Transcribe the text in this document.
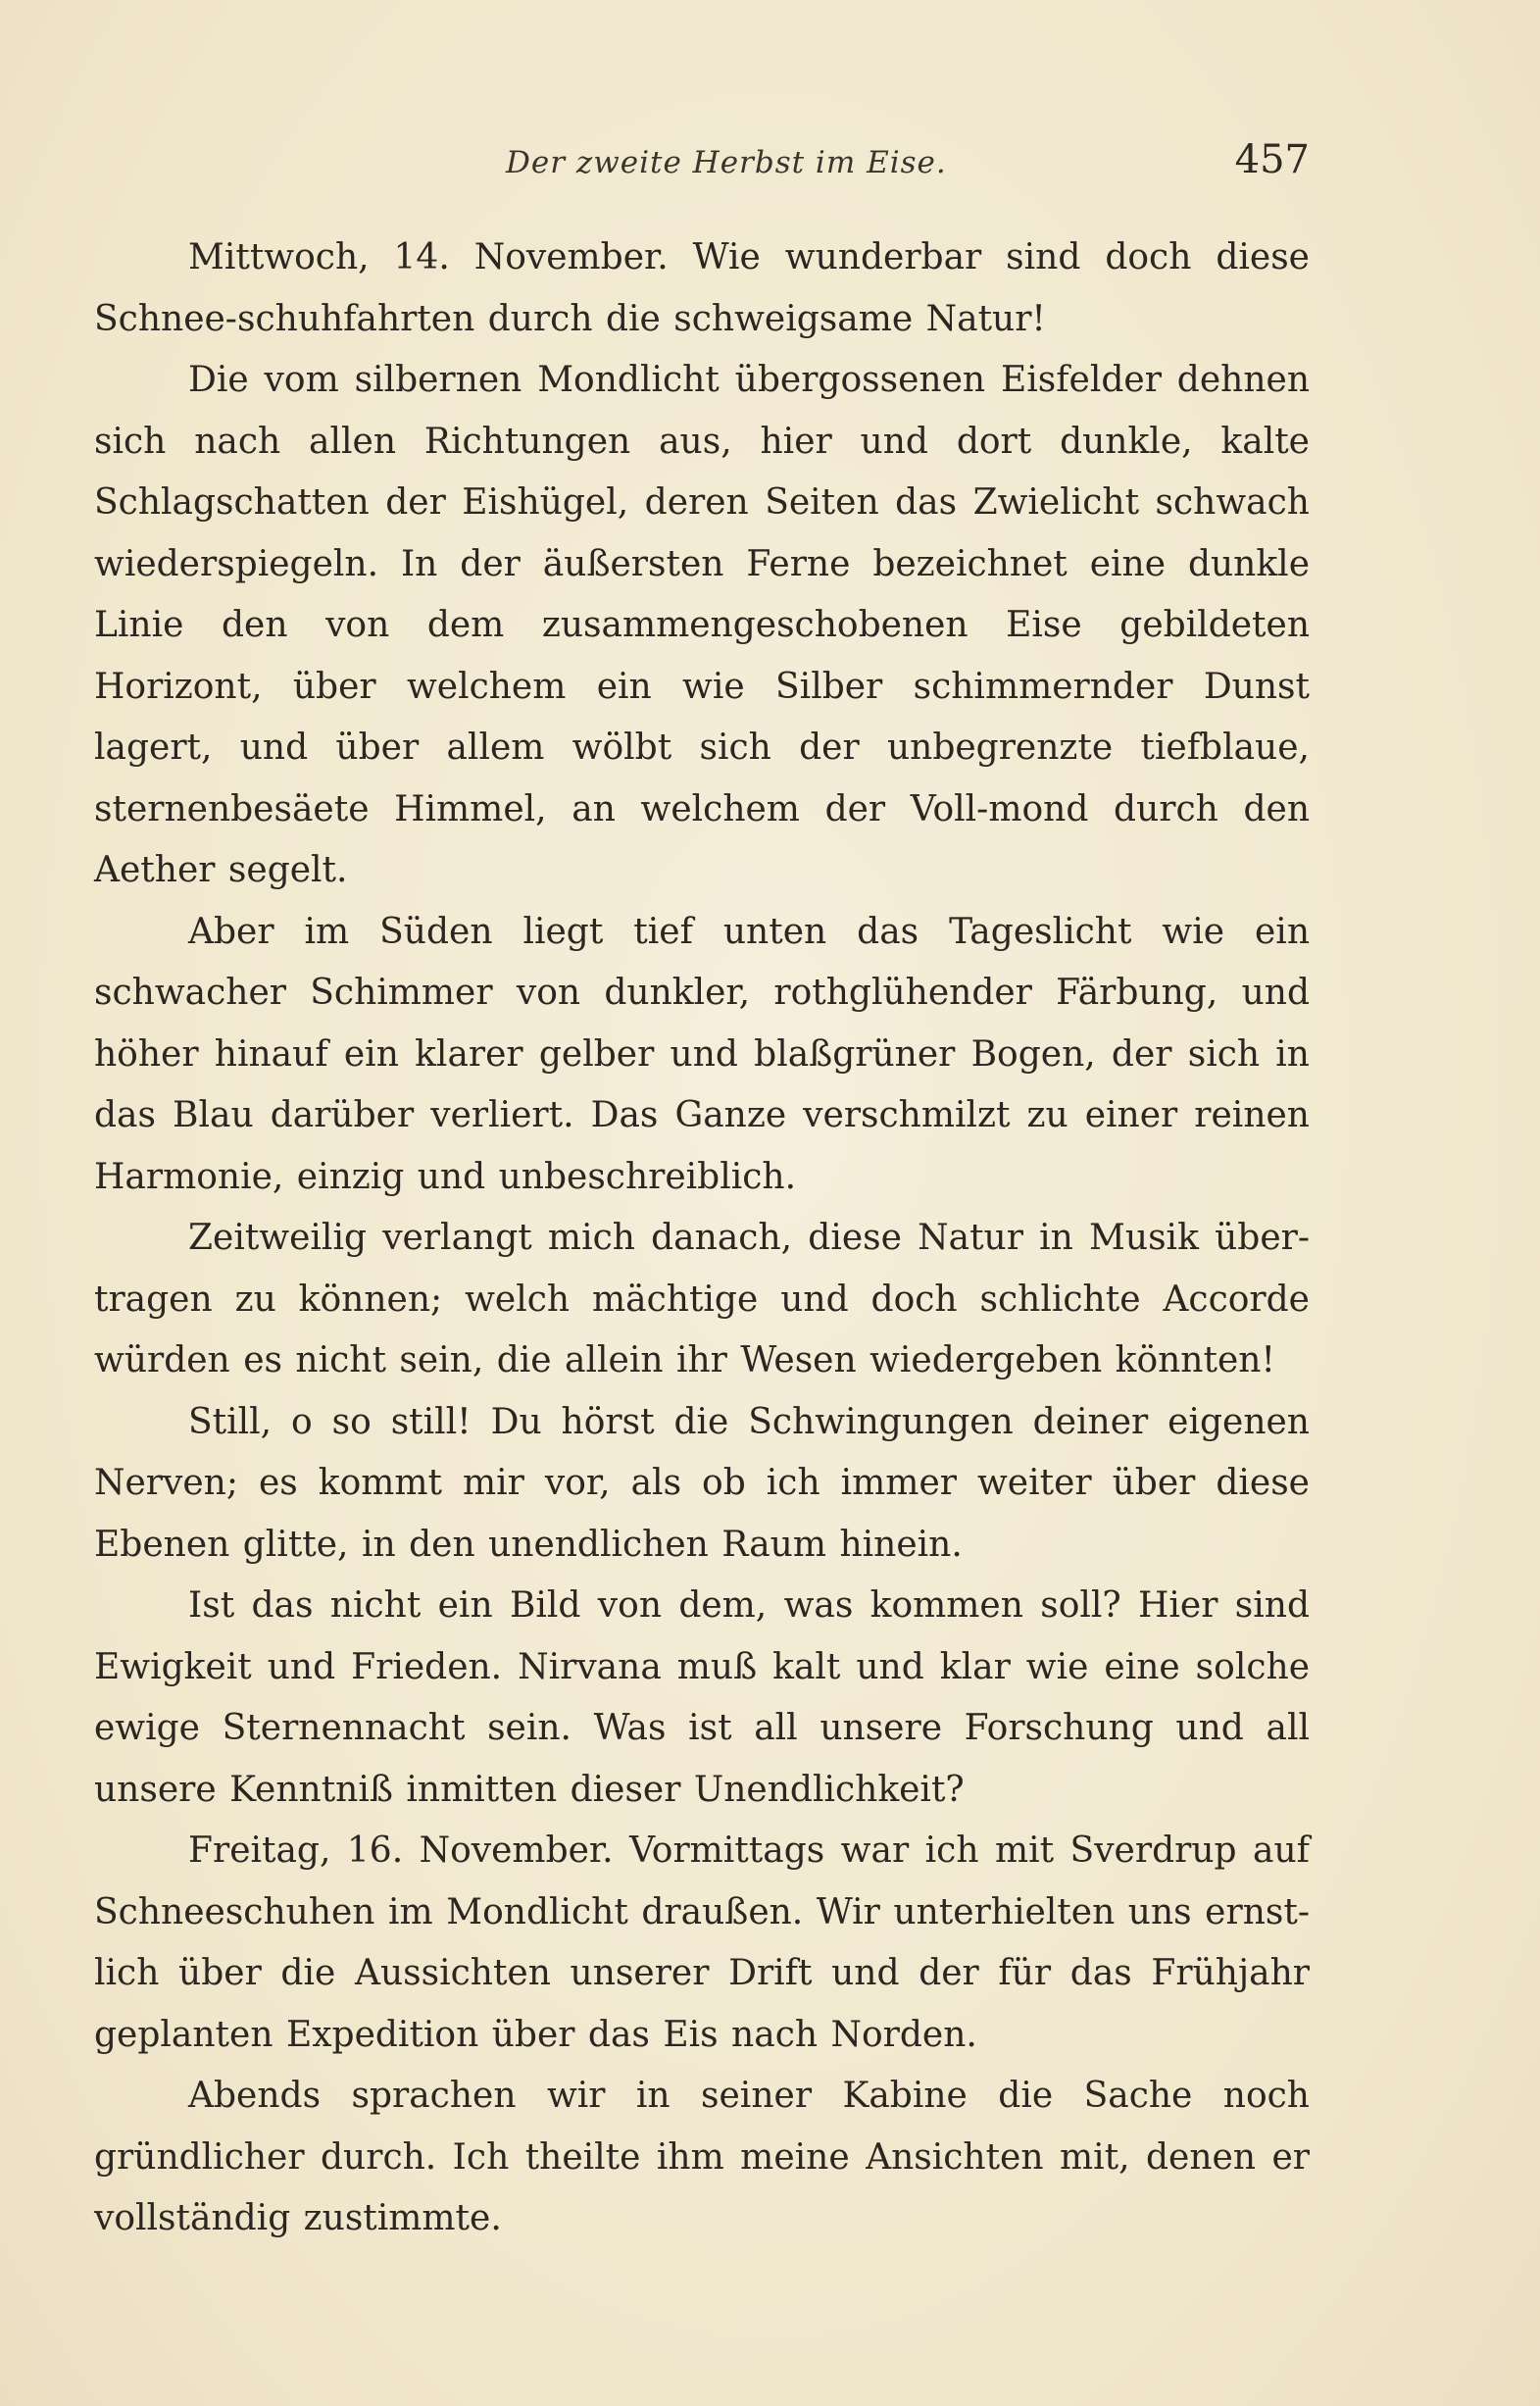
Der zweite Herbst im Eise.	457

Mittwoch, 14. November. Wie wunderbar sind doch diese Schnee-schuhfahrten durch die schweigsame Natur!

Die vom silbernen Mondlicht übergossenen Eisfelder dehnen sich nach allen Richtungen aus, hier und dort dunkle, kalte Schlagschatten der Eishügel, deren Seiten das Zwielicht schwach wiederspiegeln. In der äußersten Ferne bezeichnet eine dunkle Linie den von dem zusammengeschobenen Eise gebildeten Horizont, über welchem ein wie Silber schimmernder Dunst lagert, und über allem wölbt sich der unbegrenzte tiefblaue, sternenbesäete Himmel, an welchem der Voll-mond durch den Aether segelt.

Aber im Süden liegt tief unten das Tageslicht wie ein schwacher Schimmer von dunkler, rothglühender Färbung, und höher hinauf ein klarer gelber und blaßgrüner Bogen, der sich in das Blau darüber verliert. Das Ganze verschmilzt zu einer reinen Harmonie, einzig und unbeschreiblich.

Zeitweilig verlangt mich danach, diese Natur in Musik über-tragen zu können; welch mächtige und doch schlichte Accorde würden es nicht sein, die allein ihr Wesen wiedergeben könnten!

Still, o so still! Du hörst die Schwingungen deiner eigenen Nerven; es kommt mir vor, als ob ich immer weiter über diese Ebenen glitte, in den unendlichen Raum hinein.

Ist das nicht ein Bild von dem, was kommen soll? Hier sind Ewigkeit und Frieden. Nirvana muß kalt und klar wie eine solche ewige Sternennacht sein. Was ist all unsere Forschung und all unsere Kenntniß inmitten dieser Unendlichkeit?

Freitag, 16. November. Vormittags war ich mit Sverdrup auf Schneeschuhen im Mondlicht draußen. Wir unterhielten uns ernst-lich über die Aussichten unserer Drift und der für das Frühjahr geplanten Expedition über das Eis nach Norden.

Abends sprachen wir in seiner Kabine die Sache noch gründlicher durch. Ich theilte ihm meine Ansichten mit, denen er vollständig zustimmte.
